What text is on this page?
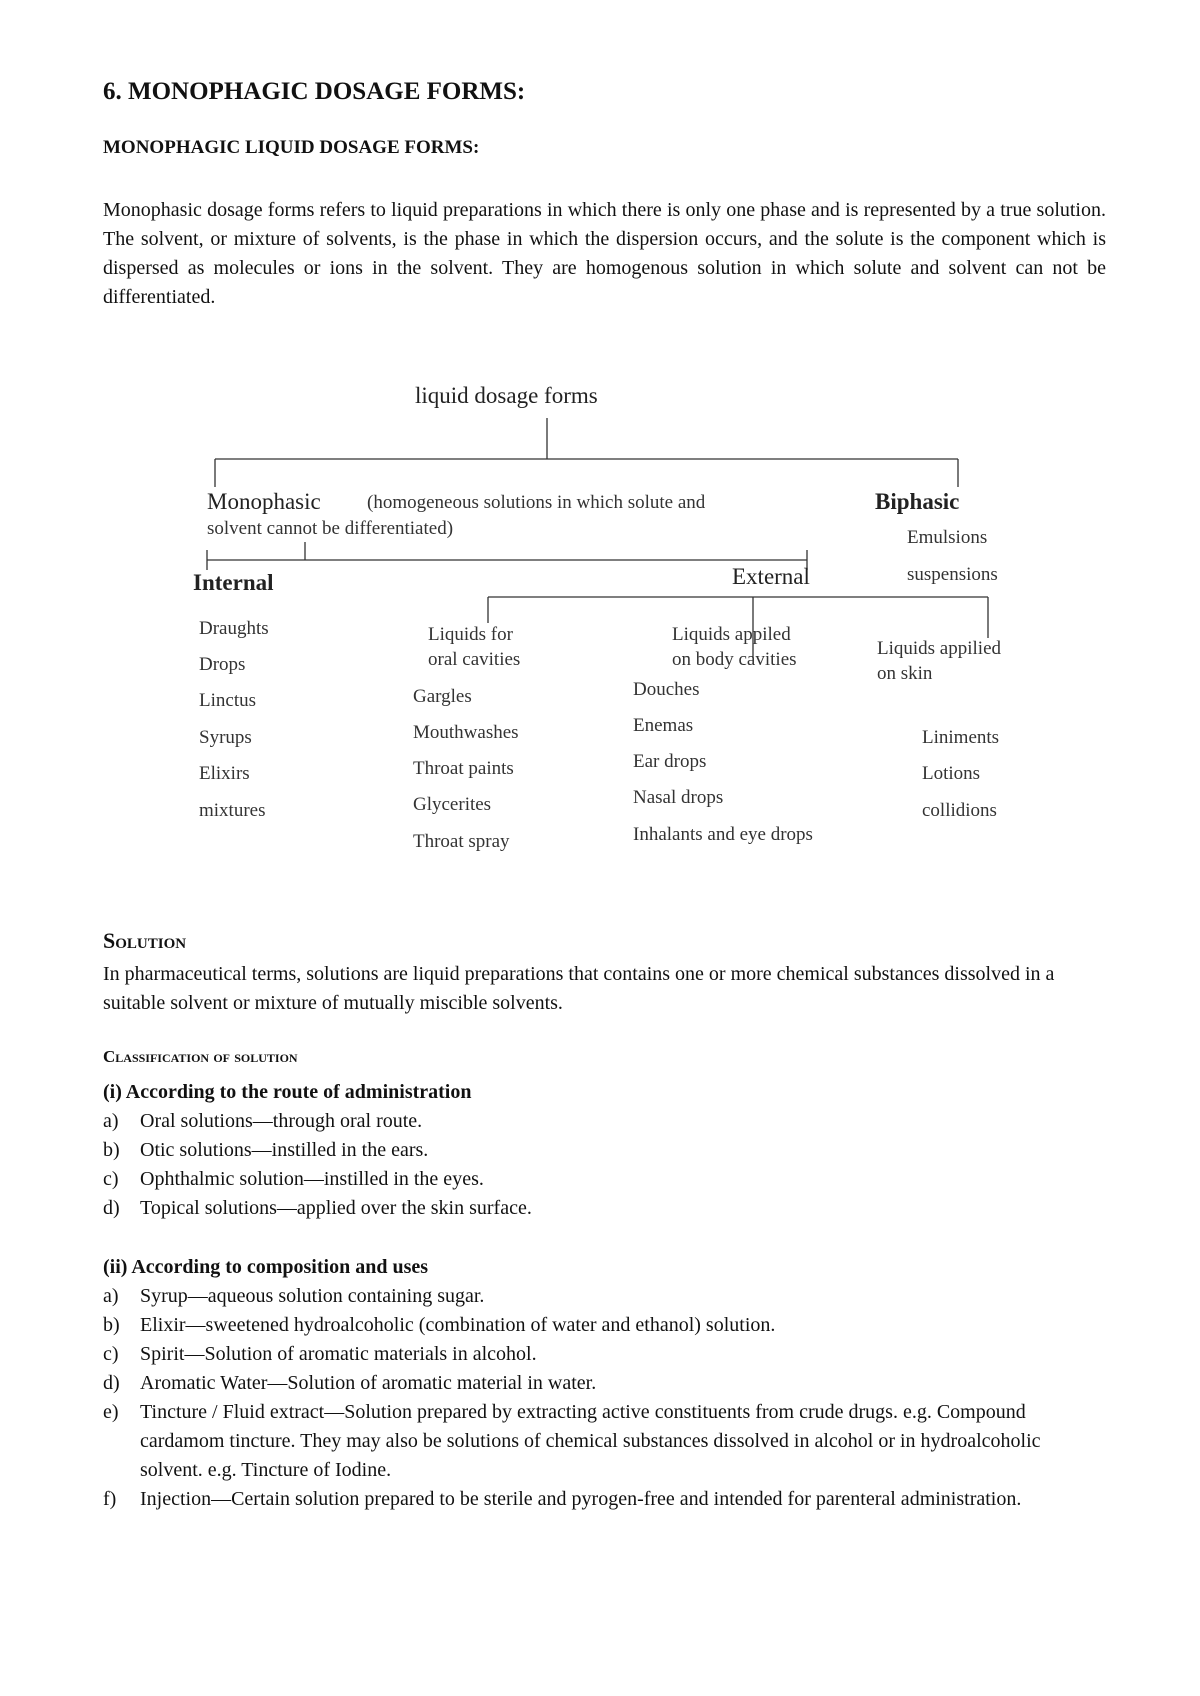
6. MONOPHAGIC DOSAGE FORMS:
MONOPHAGIC LIQUID DOSAGE FORMS:

Monophasic dosage forms refers to liquid preparations in which there is only one phase and is represented by a true solution. The solvent, or mixture of solvents, is the phase in which the dispersion occurs, and the solute is the component which is dispersed as molecules or ions in the solvent. They are homogenous solution in which solute and solvent can not be differentiated.

liquid dosage forms
Monophasic (homogeneous solutions in which solute and
solvent cannot be differentiated)
Biphasic
Emulsions
suspensions
Internal	External
Draughts
Drops
Linctus
Syrups
Elixirs
mixtures
Liquids for
oral cavities
Gargles
Mouthwashes
Throat paints
Glycerites
Throat spray
Liquids appiled
on body cavities
Douches
Enemas
Ear drops
Nasal drops
Inhalants and eye drops
Liquids appilied
on skin
Liniments
Lotions
collidions
Solution

In pharmaceutical terms, solutions are liquid preparations that contains one or more chemical substances dissolved in a suitable solvent or mixture of mutually miscible solvents.

Classification of solution

(i) According to the route of administration

a)	Oral solutions—through oral route.
b)	Otic solutions—instilled in the ears.
c)	Ophthalmic solution—instilled in the eyes.
d)	Topical solutions—applied over the skin surface.

(ii) According to composition and uses

a)	Syrup—aqueous solution containing sugar.
b)	Elixir—sweetened hydroalcoholic (combination of water and ethanol) solution.
c)	Spirit—Solution of aromatic materials in alcohol.
d)	Aromatic Water—Solution of aromatic material in water.
e)	Tincture / Fluid extract—Solution prepared by extracting active constituents from crude drugs. e.g. Compound cardamom tincture. They may also be solutions of chemical substances dissolved in alcohol or in hydroalcoholic solvent. e.g. Tincture of Iodine.
f)	Injection—Certain solution prepared to be sterile and pyrogen-free and intended for parenteral administration.
